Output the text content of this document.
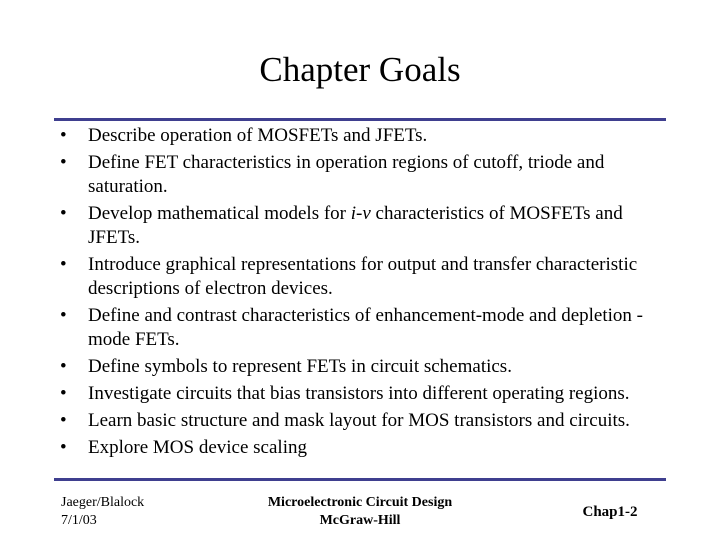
Chapter Goals
•	Describe operation of MOSFETs and JFETs.
•	Define FET characteristics in operation regions of cutoff, triode and saturation.
•	Develop mathematical models for i-v characteristics of MOSFETs and JFETs.
•	Introduce graphical representations for output and transfer characteristic descriptions of electron devices.
•	Define and contrast characteristics of enhancement-mode and depletion -mode FETs.
•	Define symbols to represent FETs in circuit schematics.
•	Investigate circuits that bias transistors into different operating regions.
•	Learn basic structure and mask layout for MOS transistors and circuits.
•	Explore MOS device scaling
Jaeger/Blalock
7/1/03
Microelectronic Circuit Design
McGraw-Hill
Chap1-2
